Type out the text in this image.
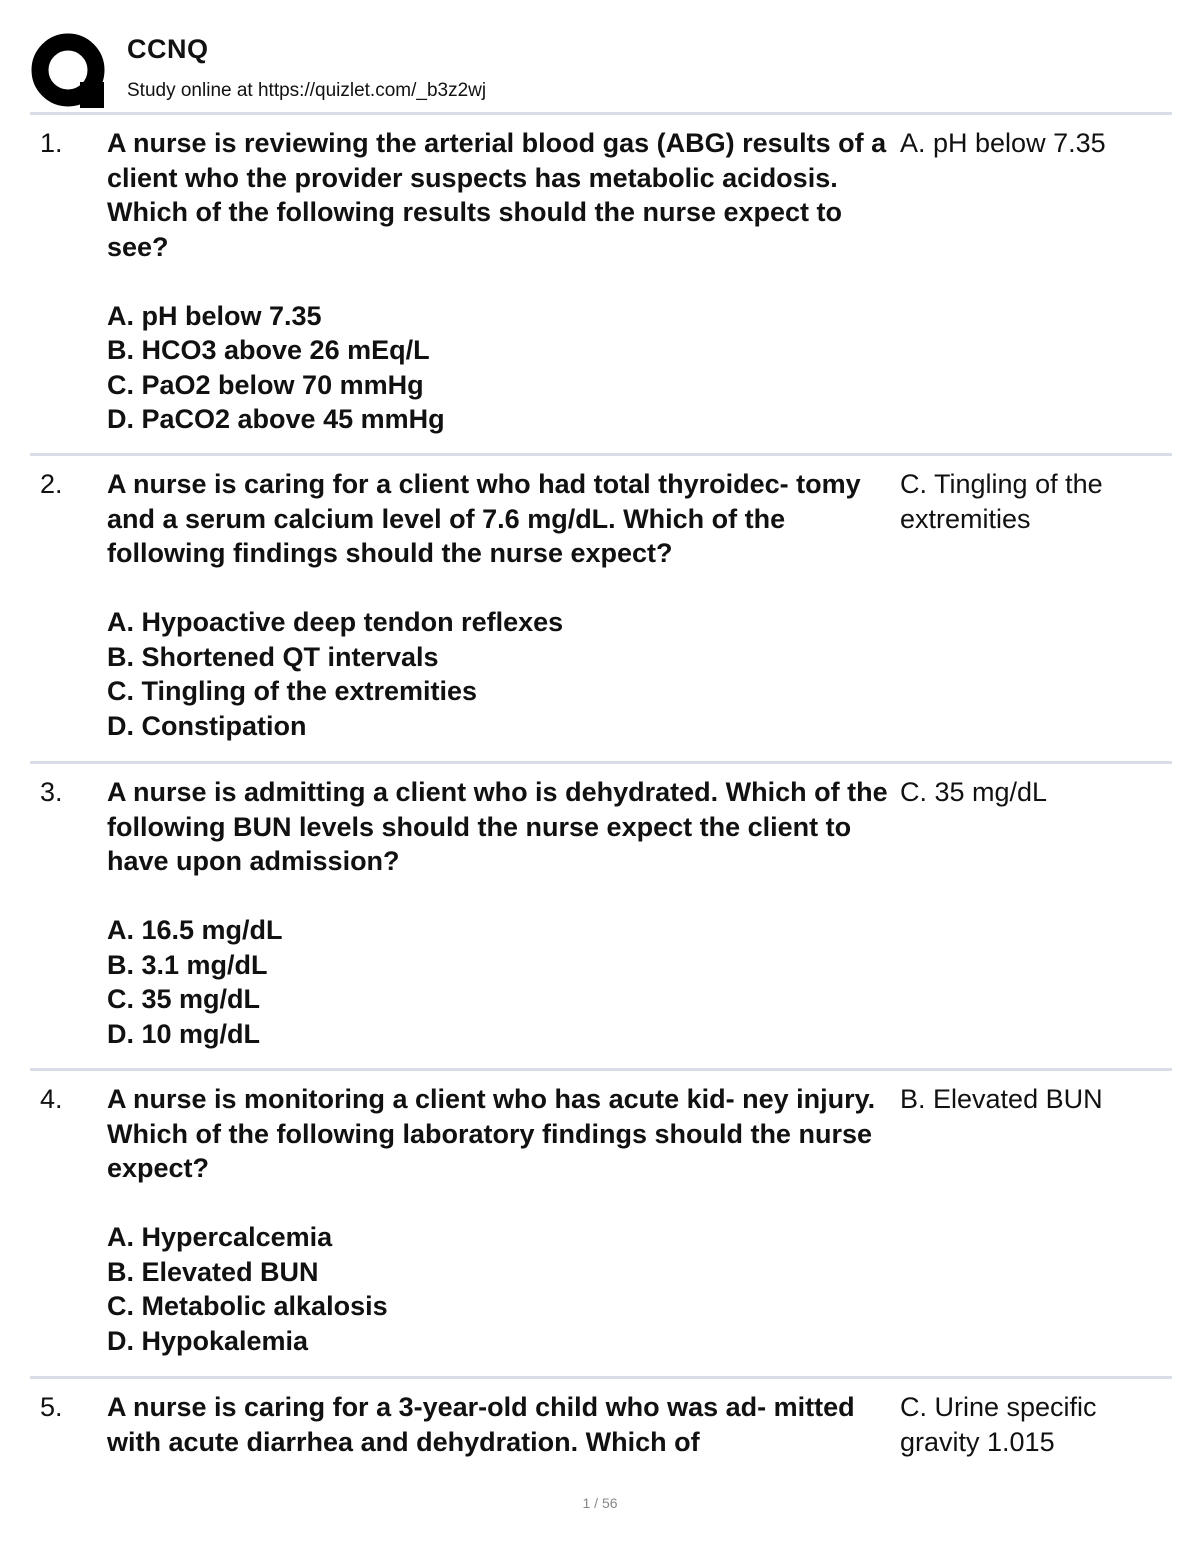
CCNQ
Study online at https://quizlet.com/_b3z2wj
1. A nurse is reviewing the arterial blood gas (ABG) results of a client who the provider suspects has metabolic acidosis. Which of the following results should the nurse expect to see?

A. pH below 7.35
B. HCO3 above 26 mEq/L
C. PaO2 below 70 mmHg
D. PaCO2 above 45 mmHg
A. pH below 7.35
2. A nurse is caring for a client who had total thyroidec- tomy and a serum calcium level of 7.6 mg/dL. Which of the following findings should the nurse expect?

A. Hypoactive deep tendon reflexes
B. Shortened QT intervals
C. Tingling of the extremities
D. Constipation
C. Tingling of the extremities
3. A nurse is admitting a client who is dehydrated. Which of the following BUN levels should the nurse expect the client to have upon admission?

A. 16.5 mg/dL
B. 3.1 mg/dL
C. 35 mg/dL
D. 10 mg/dL
C. 35 mg/dL
4. A nurse is monitoring a client who has acute kid- ney injury. Which of the following laboratory findings should the nurse expect?

A. Hypercalcemia
B. Elevated BUN
C. Metabolic alkalosis
D. Hypokalemia
B. Elevated BUN
5. A nurse is caring for a 3-year-old child who was ad- mitted with acute diarrhea and dehydration. Which of

C. Urine specific gravity 1.015
1 / 56
